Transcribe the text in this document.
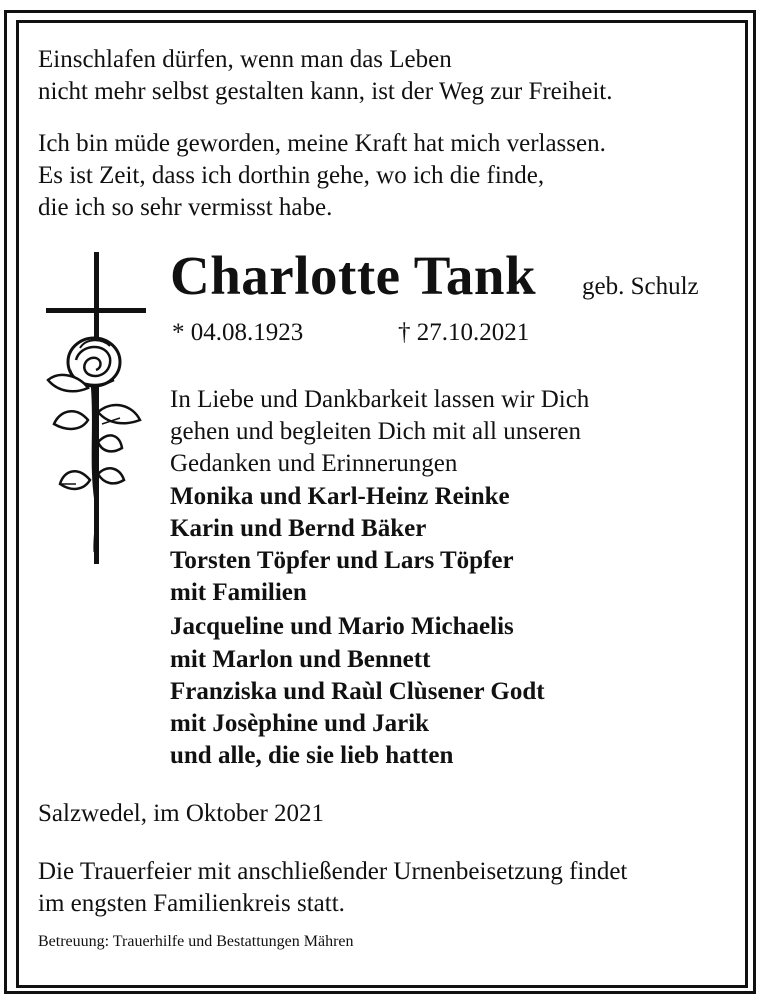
Einschlafen dürfen, wenn man das Leben
nicht mehr selbst gestalten kann, ist der Weg zur Freiheit.
Ich bin müde geworden, meine Kraft hat mich verlassen.
Es ist Zeit, dass ich dorthin gehe, wo ich die finde,
die ich so sehr vermisst habe.
Charlotte Tank geb. Schulz
* 04.08.1923	† 27.10.2021
In Liebe und Dankbarkeit lassen wir Dich
gehen und begleiten Dich mit all unseren
Gedanken und Erinnerungen
Monika und Karl-Heinz Reinke
Karin und Bernd Bäker
Torsten Töpfer und Lars Töpfer
mit Familien
Jacqueline und Mario Michaelis
mit Marlon und Bennett
Franziska und Raùl Clùsener Godt
mit Josèphine und Jarik
und alle, die sie lieb hatten
Salzwedel, im Oktober 2021
Die Trauerfeier mit anschließender Urnenbeisetzung findet
im engsten Familienkreis statt.
Betreuung: Trauerhilfe und Bestattungen Mähren
